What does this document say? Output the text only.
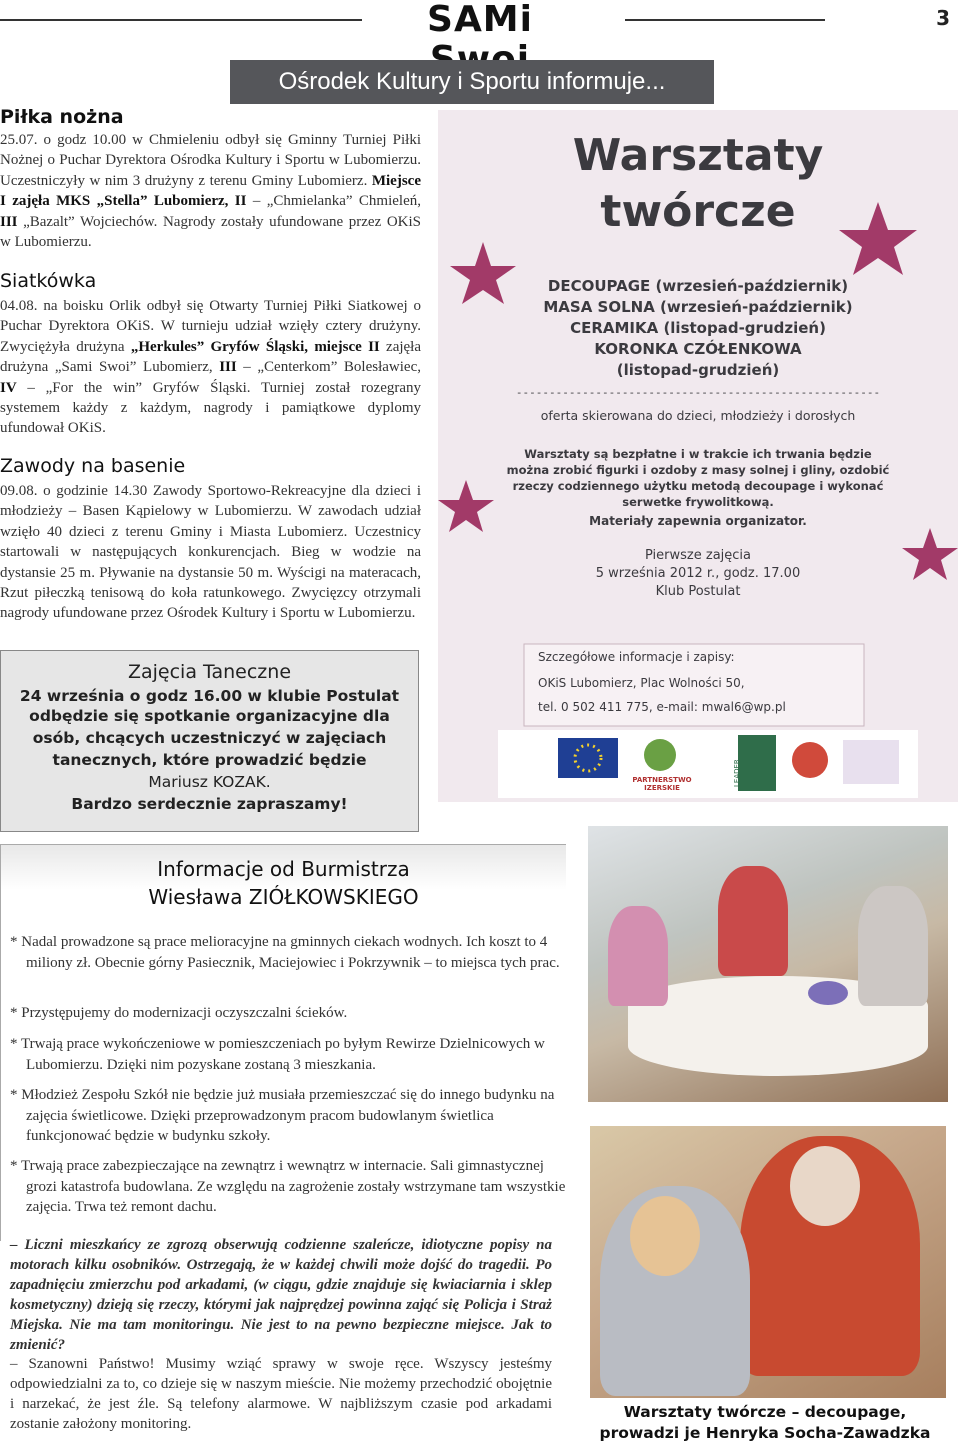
SAMi	3
Ośrodek Kultury i Sportu informuje...
Piłka nożna

25.07. o godz 10.00 w Chmieleniu odbył się Gminny Turniej Piłki Nożnej o Puchar Dyrektora Ośrodka Kultury i Sportu w Lubomierzu. Uczestniczyły w nim 3 drużyny z terenu Gminy Lubomierz. Miejsce I zajęła MKS „Stella” Lubomierz, II – „Chmielanka” Chmieleń, III „Bazalt” Wojciechów. Nagrody zostały ufundowane przez OKiS w Lubomierzu.

Siatkówka

04.08. na boisku Orlik odbył się Otwarty Turniej Piłki Siatkowej o Puchar Dyrektora OKiS. W turnieju udział wzięły cztery drużyny. Zwyciężyła drużyna „Herkules” Gryfów Śląski, miejsce II zajęła drużyna „Sami Swoi” Lubomierz, III – „Centerkom” Bolesławiec, IV – „For the win” Gryfów Śląski. Turniej został rozegrany systemem każdy z każdym, nagrody i pamiątkowe dyplomy ufundował OKiS.

Zawody na basenie

09.08. o godzinie 14.30 Zawody Sportowo-Rekreacyjne dla dzieci i młodzieży – Basen Kąpielowy w Lubomierzu. W zawodach udział wzięło 40 dzieci z terenu Gminy i Miasta Lubomierz. Uczestnicy startowali w następujących konkurencjach. Bieg w wodzie na dystansie 25 m. Pływanie na dystansie 50 m. Wyścigi na materacach, Rzut piłeczką tenisową do koła ratunkowego. Zwycięzcy otrzymali nagrody ufundowane przez Ośrodek Kultury i Sportu w Lubomierzu.

Warsztaty
twórcze
DECOUPAGE (wrzesień-październik)
MASA SOLNA (wrzesień-październik)
CERAMIKA (listopad-grudzień)
KORONKA CZÓŁENKOWA
(listopad-grudzień)
-------------------------------------------------------
oferta skierowana do dzieci, młodzieży i dorosłych
Warsztaty są bezpłatne i w trakcie ich trwania będzie można zrobić figurki i ozdoby z masy solnej i gliny, ozdobić rzeczy codziennego użytku metodą decoupage i wykonać serwetke frywolitkową.
Materiały zapewnia organizator.
Pierwsze zajęcia
5 września 2012 r., godz. 17.00
Klub Postulat
Szczegółowe informacje i zapisy:
OKiS Lubomierz, Plac Wolności 50,
tel. 0 502 411 775, e-mail: mwal6@wp.pl
PARTNERSTWO IZERSKIE
LEADER
Zajęcia Taneczne
24 września o godz 16.00 w klubie Postulat
odbędzie się spotkanie organizacyjne dla osób, chcących uczestniczyć w zajęciach tanecznych, które prowadzić będzie
Mariusz KOZAK.
Bardzo serdecznie zapraszamy!
Informacje od Burmistrza
Wiesława ZIÓŁKOWSKIEGO

* Nadal prowadzone są prace melioracyjne na gminnych ciekach wodnych. Ich koszt to 4 miliony zł. Obecnie górny Pasiecznik, Maciejowiec i Pokrzywnik – to miejsca tych prac.

* Przystępujemy do modernizacji oczyszczalni ścieków.

* Trwają prace wykończeniowe w pomieszczeniach po byłym Rewirze Dzielnicowych w Lubomierzu. Dzięki nim pozyskane zostaną 3 mieszkania.

* Młodzież Zespołu Szkół nie będzie już musiała przemieszczać się do innego budynku na zajęcia świetlicowe. Dzięki przeprowadzonym pracom budowlanym świetlica funkcjonować będzie w budynku szkoły.

* Trwają prace zabezpieczające na zewnątrz i wewnątrz w internacie. Sali gimnastycznej grozi katastrofa budowlana. Ze względu na zagrożenie zostały wstrzymane tam wszystkie zajęcia. Trwa też remont dachu.

– Liczni mieszkańcy ze zgrozą obserwują codzienne szaleńcze, idiotyczne popisy na motorach kilku osobników. Ostrzegają, że w każdej chwili może dojść do tragedii. Po zapadnięciu zmierzchu pod arkadami, (w ciągu, gdzie znajduje się kwiaciarnia i sklep kosmetyczny) dzieją się rzeczy, którymi jak najprędzej powinna zająć się Policja i Straż Miejska. Nie ma tam monitoringu. Nie jest to na pewno bezpieczne miejsce. Jak to zmienić?

– Szanowni Państwo! Musimy wziąć sprawy w swoje ręce. Wszyscy jesteśmy odpowiedzialni za to, co dzieje się w naszym mieście. Nie możemy przechodzić obojętnie i narzekać, że jest źle. Są telefony alarmowe. W najbliższym czasie pod arkadami zostanie założony monitoring.

Warsztaty twórcze – decoupage, prowadzi je Henryka Socha-Zawadzka
